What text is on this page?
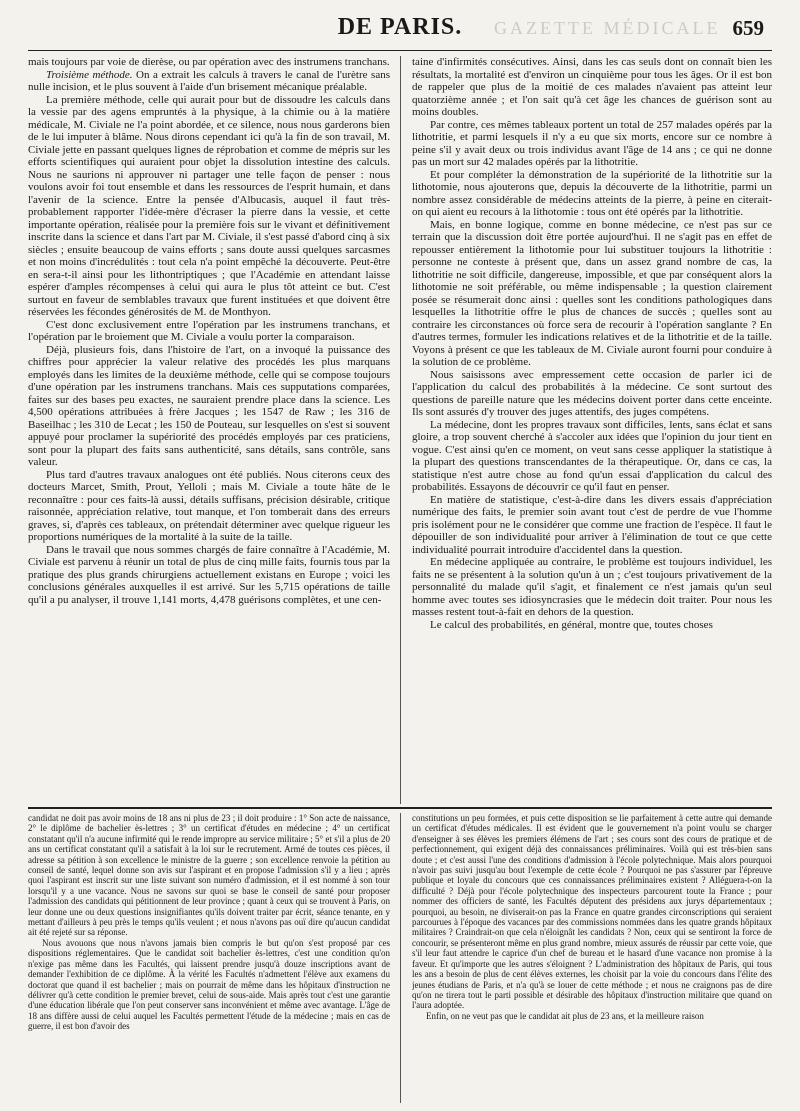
GAZETTE MÉDICALE
DE PARIS.	659

mais toujours par voie de dierèse, ou par opération avec des instrumens tranchans.

Troisième méthode. On a extrait les calculs à travers le canal de l'urètre sans nulle incision, et le plus souvent à l'aide d'un brisement mécanique préalable.

La première méthode, celle qui aurait pour but de dissoudre les calculs dans la vessie par des agens empruntés à la physique, à la chimie ou à la matière médicale, M. Civiale ne l'a point abordée, et ce silence, nous nous garderons bien de le lui imputer à blâme. Nous dirons cependant ici qu'à la fin de son travail, M. Civiale jette en passant quelques lignes de réprobation et comme de mépris sur les efforts scientifiques qui auraient pour objet la dissolution intestine des calculs. Nous ne saurions ni approuver ni partager une telle façon de penser : nous voulons avoir foi tout ensemble et dans les ressources de l'esprit humain, et dans l'avenir de la science. Entre la pensée d'Albucasis, auquel il faut très-probablement rapporter l'idée-mère d'écraser la pierre dans la vessie, et cette importante opération, réalisée pour la première fois sur le vivant et définitivement inscrite dans la science et dans l'art par M. Civiale, il s'est passé d'abord cinq à six siècles ; ensuite beaucoup de vains efforts ; sans doute aussi quelques sarcasmes et non moins d'incrédulités : tout cela n'a point empêché la découverte. Peut-être en sera-t-il ainsi pour les lithontriptiques ; que l'Académie en attendant laisse espérer d'amples récompenses à celui qui aura le plus tôt atteint ce but. C'est surtout en faveur de semblables travaux que furent instituées et que doivent être réservées les fécondes générosités de M. de Monthyon.

C'est donc exclusivement entre l'opération par les instrumens tranchans, et l'opération par le broiement que M. Civiale a voulu porter la comparaison.

Déjà, plusieurs fois, dans l'histoire de l'art, on a invoqué la puissance des chiffres pour apprécier la valeur relative des procédés les plus marquans employés dans les limites de la deuxième méthode, celle qui se compose toujours d'une opération par les instrumens tranchans. Mais ces supputations comparées, faites sur des bases peu exactes, ne sauraient prendre place dans la science. Les 4,500 opérations attribuées à frère Jacques ; les 1547 de Raw ; les 316 de Baseilhac ; les 310 de Lecat ; les 150 de Pouteau, sur lesquelles on s'est si souvent appuyé pour proclamer la supériorité des procédés employés par ces praticiens, sont pour la plupart des faits sans authenticité, sans détails, sans contrôle, sans valeur.

Plus tard d'autres travaux analogues ont été publiés. Nous citerons ceux des docteurs Marcet, Smith, Prout, Yelloli ; mais M. Civiale a toute hâte de le reconnaître : pour ces faits-là aussi, détails suffisans, précision désirable, critique raisonnée, appréciation relative, tout manque, et l'on tomberait dans des erreurs graves, si, d'après ces tableaux, on prétendait déterminer avec quelque rigueur les proportions numériques de la mortalité à la suite de la taille.

Dans le travail que nous sommes chargés de faire connaître à l'Académie, M. Civiale est parvenu à réunir un total de plus de cinq mille faits, fournis tous par la pratique des plus grands chirurgiens actuellement existans en Europe ; voici les conclusions générales auxquelles il est arrivé. Sur les 5,715 opérations de taille qu'il a pu analyser, il trouve 1,141 morts, 4,478 guérisons complètes, et une cen-

taine d'infirmités consécutives. Ainsi, dans les cas seuls dont on connaît bien les résultats, la mortalité est d'environ un cinquième pour tous les âges. Or il est bon de rappeler que plus de la moitié de ces malades n'avaient pas atteint leur quatorzième année ; et l'on sait qu'à cet âge les chances de guérison sont au moins doubles.

Par contre, ces mêmes tableaux portent un total de 257 malades opérés par la lithotritie, et parmi lesquels il n'y a eu que six morts, encore sur ce nombre à peine s'il y avait deux ou trois individus avant l'âge de 14 ans ; ce qui ne donne pas un mort sur 42 malades opérés par la lithotritie.

Et pour compléter la démonstration de la supériorité de la lithotritie sur la lithotomie, nous ajouterons que, depuis la découverte de la lithotritie, parmi un nombre assez considérable de médecins atteints de la pierre, à peine en citerait-on qui aient eu recours à la lithotomie : tous ont été opérés par la lithotritie.

Mais, en bonne logique, comme en bonne médecine, ce n'est pas sur ce terrain que la discussion doit être portée aujourd'hui. Il ne s'agit pas en effet de repousser entièrement la lithotomie pour lui substituer toujours la lithotritie : personne ne conteste à présent que, dans un assez grand nombre de cas, la lithotritie ne soit difficile, dangereuse, impossible, et que par conséquent alors la lithotomie ne soit préférable, ou même indispensable ; la question clairement posée se résumerait donc ainsi : quelles sont les conditions pathologiques dans lesquelles la lithotritie offre le plus de chances de succès ; quelles sont au contraire les circonstances où force sera de recourir à l'opération sanglante ? En d'autres termes, formuler les indications relatives et de la lithotritie et de la taille. Voyons à présent ce que les tableaux de M. Civiale auront fourni pour conduire à la solution de ce problème.

Nous saisissons avec empressement cette occasion de parler ici de l'application du calcul des probabilités à la médecine. Ce sont surtout des questions de pareille nature que les médecins doivent porter dans cette enceinte. Ils sont assurés d'y trouver des juges attentifs, des juges compétens.

La médecine, dont les propres travaux sont difficiles, lents, sans éclat et sans gloire, a trop souvent cherché à s'accoler aux idées que l'opinion du jour tient en vogue. C'est ainsi qu'en ce moment, on veut sans cesse appliquer la statistique à la plupart des questions transcendantes de la thérapeutique. Or, dans ce cas, la statistique n'est autre chose au fond qu'un essai d'application du calcul des probabilités. Essayons de découvrir ce qu'il faut en penser.

En matière de statistique, c'est-à-dire dans les divers essais d'appréciation numérique des faits, le premier soin avant tout c'est de perdre de vue l'homme pris isolément pour ne le considérer que comme une fraction de l'espèce. Il faut le dépouiller de son individualité pour arriver à l'élimination de tout ce que cette individualité pourrait introduire d'accidentel dans la question.

En médecine appliquée au contraire, le problème est toujours individuel, les faits ne se présentent à la solution qu'un à un ; c'est toujours privativement de la personnalité du malade qu'il s'agit, et finalement ce n'est jamais qu'un seul homme avec toutes ses idiosyncrasies que le médecin doit traiter. Pour nous les masses restent tout-à-fait en dehors de la question.

Le calcul des probabilités, en général, montre que, toutes choses

candidat ne doit pas avoir moins de 18 ans ni plus de 23 ; il doit produire : 1° Son acte de naissance, 2° le diplôme de bachelier ès-lettres ; 3° un certificat d'études en médecine ; 4° un certificat constatant qu'il n'a aucune infirmité qui le rende impropre au service militaire ; 5° et s'il a plus de 20 ans un certificat constatant qu'il a satisfait à la loi sur le recrutement. Armé de toutes ces pièces, il adresse sa pétition à son excellence le ministre de la guerre ; son excellence renvoie la pétition au conseil de santé, lequel donne son avis sur l'aspirant et en propose l'admission s'il y a lieu ; après quoi l'aspirant est inscrit sur une liste suivant son numéro d'admission, et il est nommé à son tour lorsqu'il y a une vacance. Nous ne savons sur quoi se base le conseil de santé pour proposer l'admission des candidats qui pétitionnent de leur province ; quant à ceux qui se trouvent à Paris, on leur donne une ou deux questions insignifiantes qu'ils doivent traiter par écrit, séance tenante, en y mettant d'ailleurs à peu près le temps qu'ils veulent ; et nous n'avons pas ouï dire qu'aucun candidat ait été rejeté sur sa réponse.

Nous avouons que nous n'avons jamais bien compris le but qu'on s'est proposé par ces dispositions réglementaires. Que le candidat soit bachelier ès-lettres, c'est une condition qu'on n'exige pas même dans les Facultés, qui laissent prendre jusqu'à douze inscriptions avant de demander l'exhibition de ce diplôme. À la vérité les Facultés n'admettent l'élève aux examens du doctorat que quand il est bachelier ; mais on pourrait de même dans les hôpitaux d'instruction ne délivrer qu'à cette condition le premier brevet, celui de sous-aide. Mais après tout c'est une garantie d'une éducation libérale que l'on peut conserver sans inconvénient et même avec avantage. L'âge de 18 ans diffère aussi de celui auquel les Facultés permettent l'étude de la médecine ; mais en cas de guerre, il est bon d'avoir des

constitutions un peu formées, et puis cette disposition se lie parfaitement à cette autre qui demande un certificat d'études médicales. Il est évident que le gouvernement n'a point voulu se charger d'enseigner à ses élèves les premiers élémens de l'art ; ses cours sont des cours de pratique et de perfectionnement, qui exigent déjà des connaissances préliminaires. Voilà qui est très-bien sans doute ; et c'est aussi l'une des conditions d'admission à l'école polytechnique. Mais alors pourquoi n'avoir pas suivi jusqu'au bout l'exemple de cette école ? Pourquoi ne pas s'assurer par l'épreuve publique et loyale du concours que ces connaissances préliminaires existent ? Alléguera-t-on la difficulté ? Déjà pour l'école polytechnique des inspecteurs parcourent toute la France ; pour nommer des officiers de santé, les Facultés députent des présidens aux jurys départementaux ; pourquoi, au besoin, ne diviserait-on pas la France en quatre grandes circonscriptions qui seraient parcourues à l'époque des vacances par des commissions nommées dans les quatre grands hôpitaux militaires ? Craindrait-on que cela n'éloignât les candidats ? Non, ceux qui se sentiront la force de concourir, se présenteront même en plus grand nombre, mieux assurés de réussir par cette voie, que s'il leur faut attendre le caprice d'un chef de bureau et le hasard d'une vacance non promise à la faveur. Et qu'importe que les autres s'éloignent ? L'administration des hôpitaux de Paris, qui tous les ans a besoin de plus de cent élèves externes, les choisit par la voie du concours dans l'élite des jeunes étudians de Paris, et n'a qu'à se louer de cette méthode ; et nous ne craignons pas de dire qu'on ne tirera tout le parti possible et désirable des hôpitaux d'instruction militaire que quand on l'aura adoptée.

Enfin, on ne veut pas que le candidat ait plus de 23 ans, et la meilleure raison
